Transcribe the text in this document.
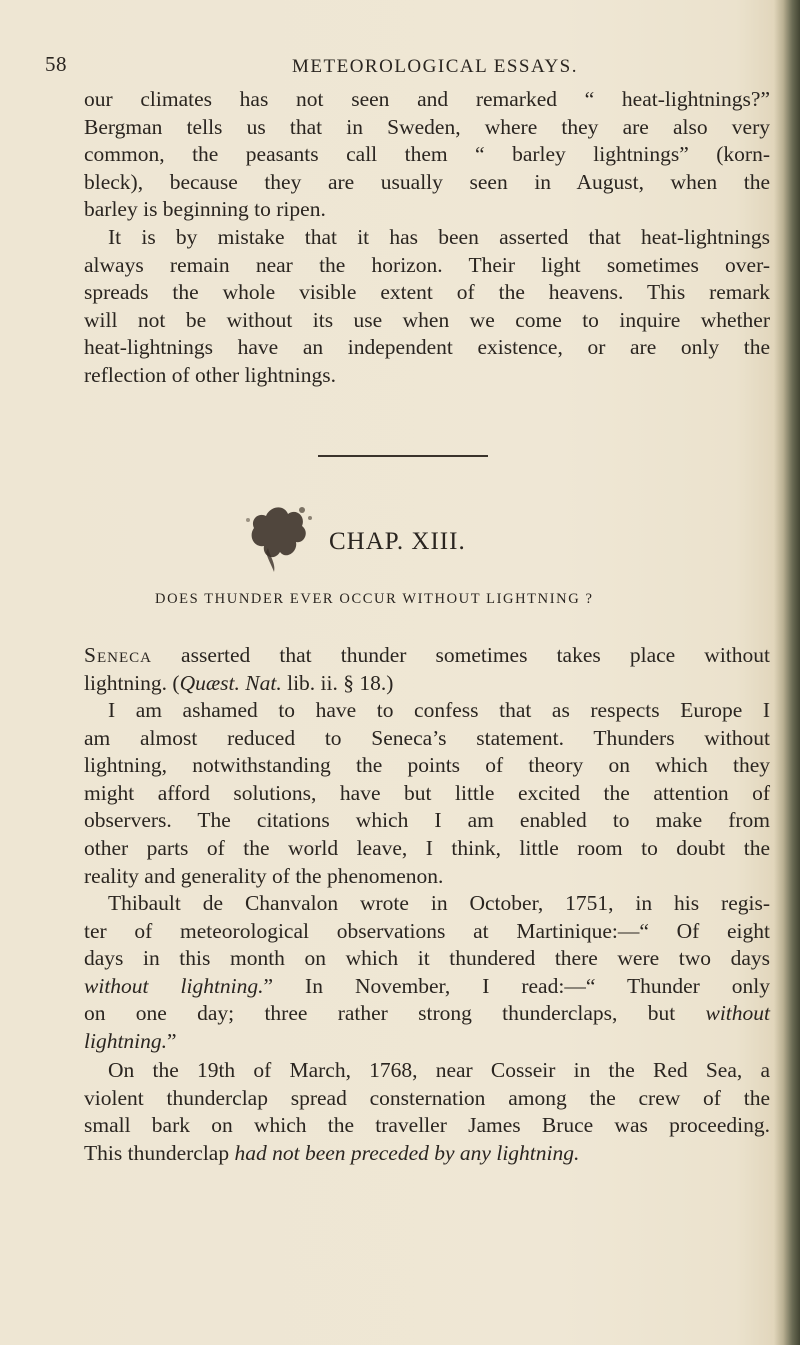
58	METEOROLOGICAL ESSAYS.
our climates has not seen and remarked “ heat-lightnings?”
Bergman tells us that in Sweden, where they are also very
common, the peasants call them “ barley lightnings” (korn-
bleck), because they are usually seen in August, when the
barley is beginning to ripen.
It is by mistake that it has been asserted that heat-lightnings
always remain near the horizon. Their light sometimes over-
spreads the whole visible extent of the heavens. This remark
will not be without its use when we come to inquire whether
heat-lightnings have an independent existence, or are only the
reflection of other lightnings.
CHAP. XIII.
DOES THUNDER EVER OCCUR WITHOUT LIGHTNING ?
Seneca asserted that thunder sometimes takes place without
lightning. (Quæst. Nat. lib. ii. § 18.)
I am ashamed to have to confess that as respects Europe I
am almost reduced to Seneca’s statement. Thunders without
lightning, notwithstanding the points of theory on which they
might afford solutions, have but little excited the attention of
observers. The citations which I am enabled to make from
other parts of the world leave, I think, little room to doubt the
reality and generality of the phenomenon.
Thibault de Chanvalon wrote in October, 1751, in his regis-
ter of meteorological observations at Martinique:—“ Of eight
days in this month on which it thundered there were two days
without lightning.” In November, I read:—“ Thunder only
on one day; three rather strong thunderclaps, but without
lightning.”
On the 19th of March, 1768, near Cosseir in the Red Sea, a
violent thunderclap spread consternation among the crew of the
small bark on which the traveller James Bruce was proceeding.
This thunderclap had not been preceded by any lightning.
